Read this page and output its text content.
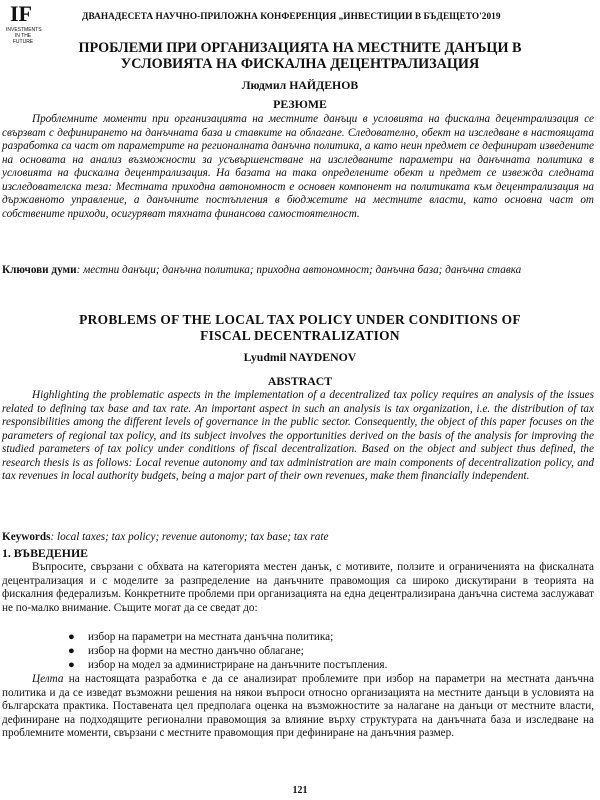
IF
INVESTMENTS IN THE FUTURE
ДВАНАДЕСЕТА НАУЧНО-ПРИЛОЖНА КОНФЕРЕНЦИЯ „ИНВЕСТИЦИИ В БЪДЕЩЕТО'2019
ПРОБЛЕМИ ПРИ ОРГАНИЗАЦИЯТА НА МЕСТНИТЕ ДАНЪЦИ В
УСЛОВИЯТА НА ФИСКАЛНА ДЕЦЕНТРАЛИЗАЦИЯ
Людмил НАЙДЕНОВ
РЕЗЮМЕ

Проблемните моменти при организацията на местните данъци в условията на фискална децентрализация се свързват с дефинирането на данъчната база и ставките на облагане. Следователно, обект на изследване в настоящата разработка са част от параметрите на регионалната данъчна политика, а като неин предмет се дефинират изведените на основата на анализ възможности за усъвършенстване на изследваните параметри на данъчната политика в условията на фискална децентрализация. На базата на така определените обект и предмет се извежда следната изследователска теза: Местната приходна автономност е основен компонент на политиката към децентрализация на държавното управление, а данъчните постъпления в бюджетите на местните власти, като основна част от собствените приходи, осигуряват тяхната финансова самостоятелност.

Ключови думи: местни данъци; данъчна политика; приходна автономност; данъчна база; данъчна ставка

PROBLEMS OF THE LOCAL TAX POLICY UNDER CONDITIONS OF
FISCAL DECENTRALIZATION
Lyudmil NAYDENOV
ABSTRACT

Highlighting the problematic aspects in the implementation of a decentralized tax policy requires an analysis of the issues related to defining tax base and tax rate. An important aspect in such an analysis is tax organization, i.e. the distribution of tax responsibilities among the different levels of governance in the public sector. Consequently, the object of this paper focuses on the parameters of regional tax policy, and its subject involves the opportunities derived on the basis of the analysis for improving the studied parameters of tax policy under conditions of fiscal decentralization. Based on the object and subject thus defined, the research thesis is as follows: Local revenue autonomy and tax administration are main components of decentralization policy, and tax revenues in local authority budgets, being a major part of their own revenues, make them financially independent.

Keywords: local taxes; tax policy; revenue autonomy; tax base; tax rate

1. ВЪВЕДЕНИЕ

Въпросите, свързани с обхвата на категорията местен данък, с мотивите, ползите и ограниченията на фискалната децентрализация и с моделите за разпределение на данъчните правомощия са широко дискутирани в теорията на фискалния федерализъм. Конкретните проблеми при организацията на една децентрализирана данъчна система заслужават не по-малко внимание. Същите могат да се сведат до:

● избор на параметри на местната данъчна политика;
● избор на форми на местно данъчно облагане;
● избор на модел за администриране на данъчните постъпления.

Целта на настоящата разработка е да се анализират проблемите при избор на параметри на местната данъчна политика и да се изведат възможни решения на някои въпроси относно организацията на местните данъци в условията на българската практика. Поставената цел предполага оценка на възможностите за налагане на данъци от местните власти, дефиниране на подходящите регионални правомощия за влияние върху структурата на данъчната база и изследване на проблемните моменти, свързани с местните правомощия при дефиниране на данъчния размер.

121
